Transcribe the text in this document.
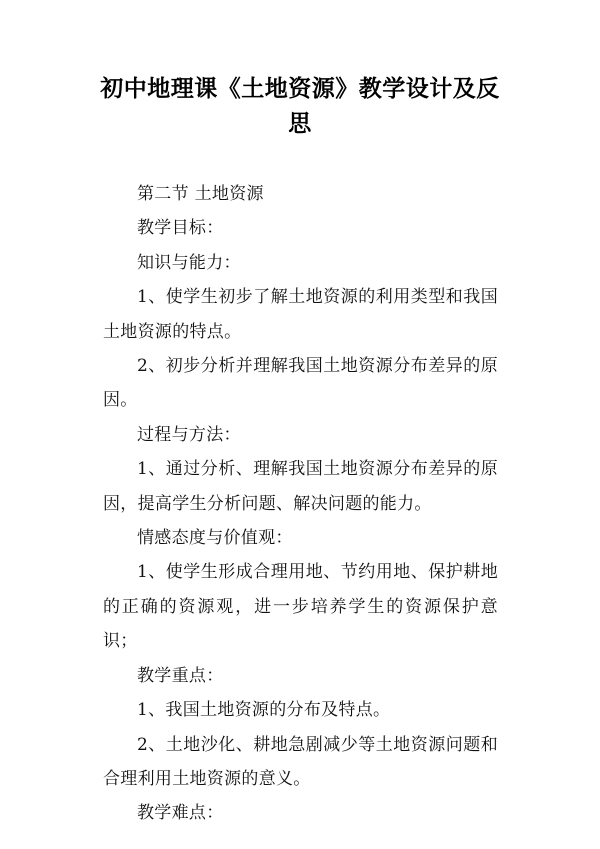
初中地理课《土地资源》教学设计及反思

第二节 土地资源

教学目标：

知识与能力：

1、使学生初步了解土地资源的利用类型和我国土地资源的特点。

2、初步分析并理解我国土地资源分布差异的原因。

过程与方法：

1、通过分析、理解我国土地资源分布差异的原因，提高学生分析问题、解决问题的能力。

情感态度与价值观：

1、使学生形成合理用地、节约用地、保护耕地的正确的资源观，进一步培养学生的资源保护意识；

教学重点：

1、我国土地资源的分布及特点。

2、土地沙化、耕地急剧减少等土地资源问题和合理利用土地资源的意义。

教学难点：
